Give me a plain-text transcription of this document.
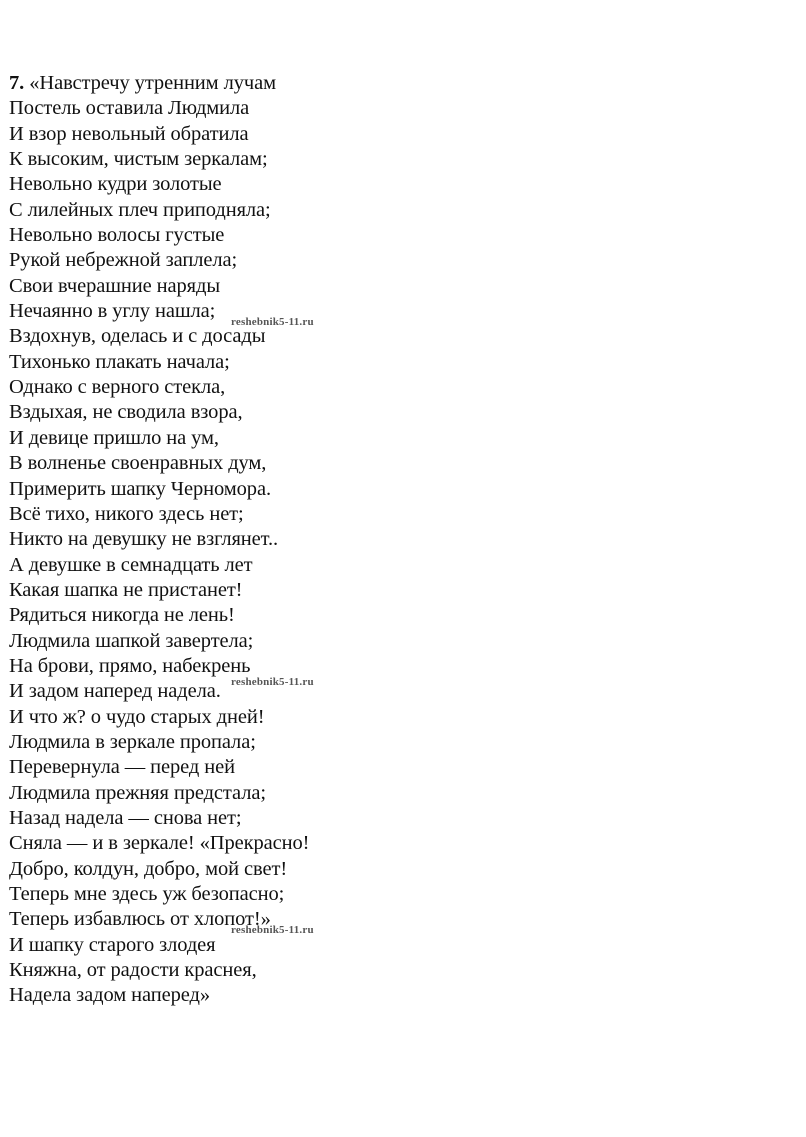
7. «Навстречу утренним лучам
Постель оставила Людмила
И взор невольный обратила
К высоким, чистым зеркалам;
Невольно кудри золотые
С лилейных плеч приподняла;
Невольно волосы густые
Рукой небрежной заплела;
Свои вчерашние наряды
Нечаянно в углу нашла;
Вздохнув, оделась и с досады
Тихонько плакать начала;
Однако с верного стекла,
Вздыхая, не сводила взора,
И девице пришло на ум,
В волненье своенравных дум,
Примерить шапку Черномора.
Всё тихо, никого здесь нет;
Никто на девушку не взглянет..
А девушке в семнадцать лет
Какая шапка не пристанет!
Рядиться никогда не лень!
Людмила шапкой завертела;
На брови, прямо, набекрень
И задом наперед надела.
И что ж? о чудо старых дней!
Людмила в зеркале пропала;
Перевернула — перед ней
Людмила прежняя предстала;
Назад надела — снова нет;
Сняла — и в зеркале! «Прекрасно!
Добро, колдун, добро, мой свет!
Теперь мне здесь уж безопасно;
Теперь избавлюсь от хлопот!»
И шапку старого злодея
Княжна, от радости краснея,
Надела задом наперед»
reshebnik5-11.ru
reshebnik5-11.ru
reshebnik5-11.ru
